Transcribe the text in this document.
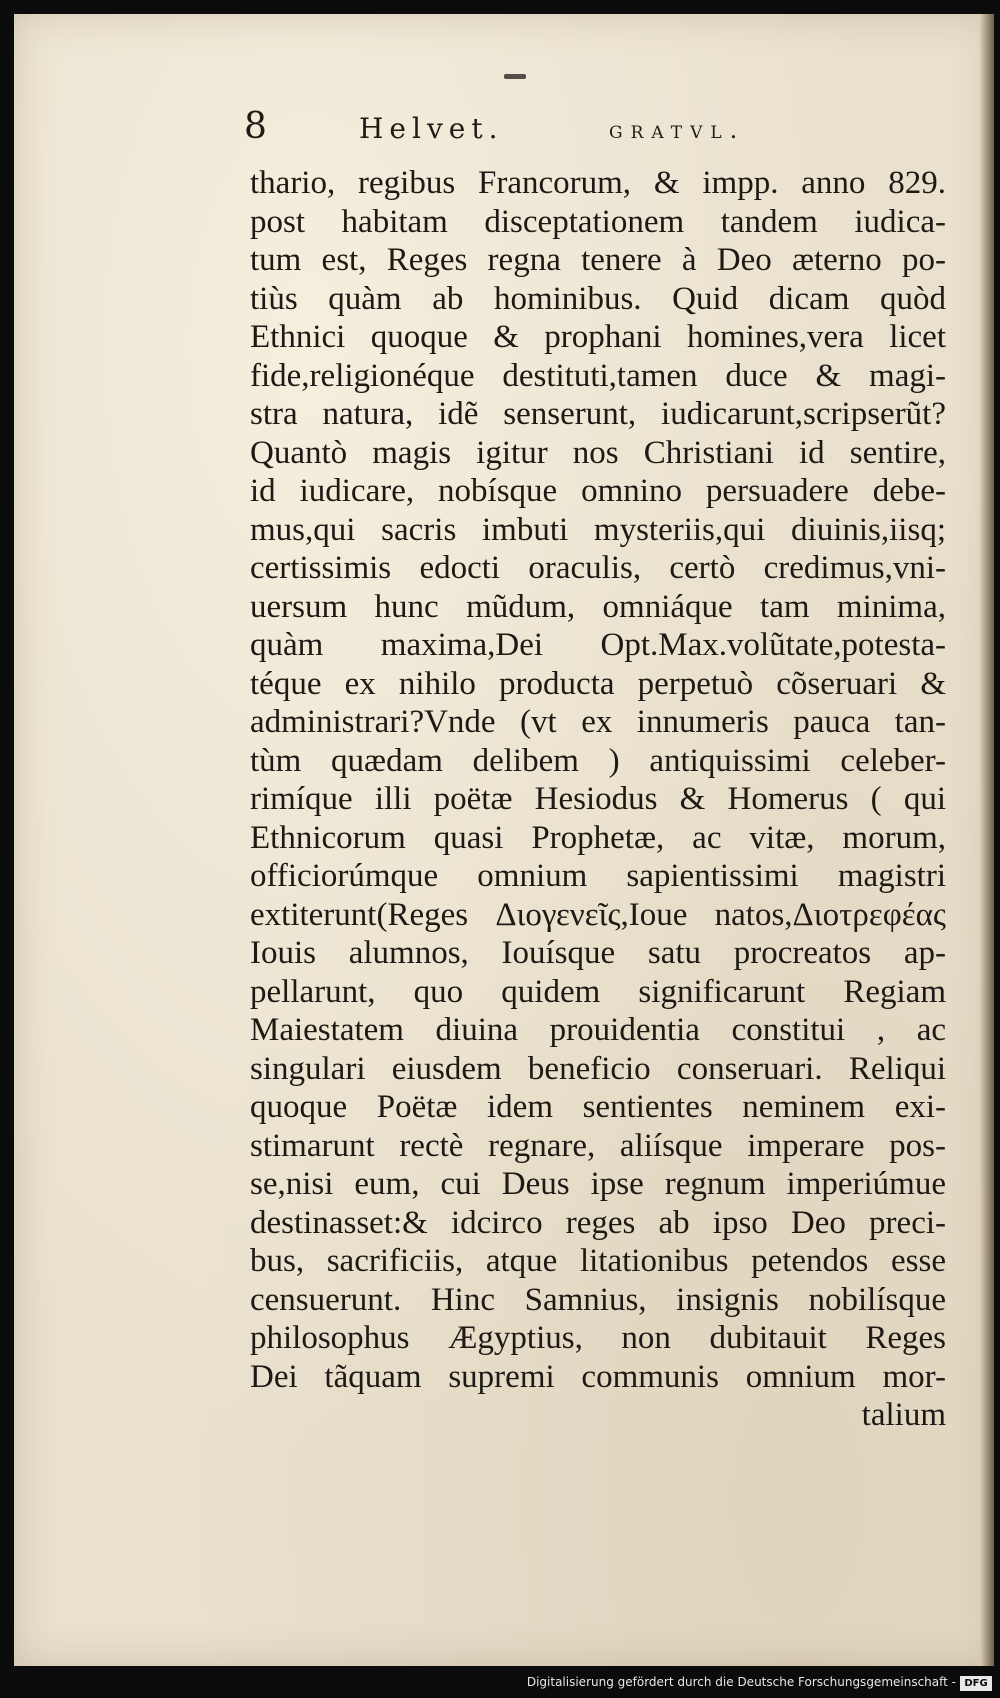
8	Helvet.	gratvl.
thario, regibus Francorum, & impp. anno 829.
post habitam disceptationem tandem iudica-
tum est, Reges regna tenere à Deo æterno po-
tiùs quàm ab hominibus. Quid dicam quòd
Ethnici quoque & prophani homines,vera licet
fide,religionéque destituti,tamen duce & magi-
stra natura, idẽ senserunt, iudicarunt,scripserũt?
Quantò magis igitur nos Christiani id sentire,
id iudicare, nobísque omnino persuadere debe-
mus,qui sacris imbuti mysteriis,qui diuinis,iisq;
certissimis edocti oraculis, certò credimus,vni-
uersum hunc mũdum, omniáque tam minima,
quàm maxima,Dei Opt.Max.volũtate,potesta-
téque ex nihilo producta perpetuò cõseruari &
administrari?Vnde (vt ex innumeris pauca tan-
tùm quædam delibem ) antiquissimi celeber-
rimíque illi poëtæ Hesiodus & Homerus ( qui
Ethnicorum quasi Prophetæ, ac vitæ, morum,
officiorúmque omnium sapientissimi magistri
extiterunt(Reges Διογενεῖς,Ioue natos,Διοτρεφέας
Iouis alumnos, Iouísque satu procreatos ap-
pellarunt, quo quidem significarunt Regiam
Maiestatem diuina prouidentia constitui , ac
singulari eiusdem beneficio conseruari. Reliqui
quoque Poëtæ idem sentientes neminem exi-
stimarunt rectè regnare, aliísque imperare pos-
se,nisi eum, cui Deus ipse regnum imperiúmue
destinasset:& idcirco reges ab ipso Deo preci-
bus, sacrificiis, atque litationibus petendos esse
censuerunt. Hinc Samnius, insignis nobilísque
philosophus Ægyptius, non dubitauit Reges
Dei tãquam supremi communis omnium mor-
talium
Digitalisierung gefördert durch die Deutsche Forschungsgemeinschaft - DFG
